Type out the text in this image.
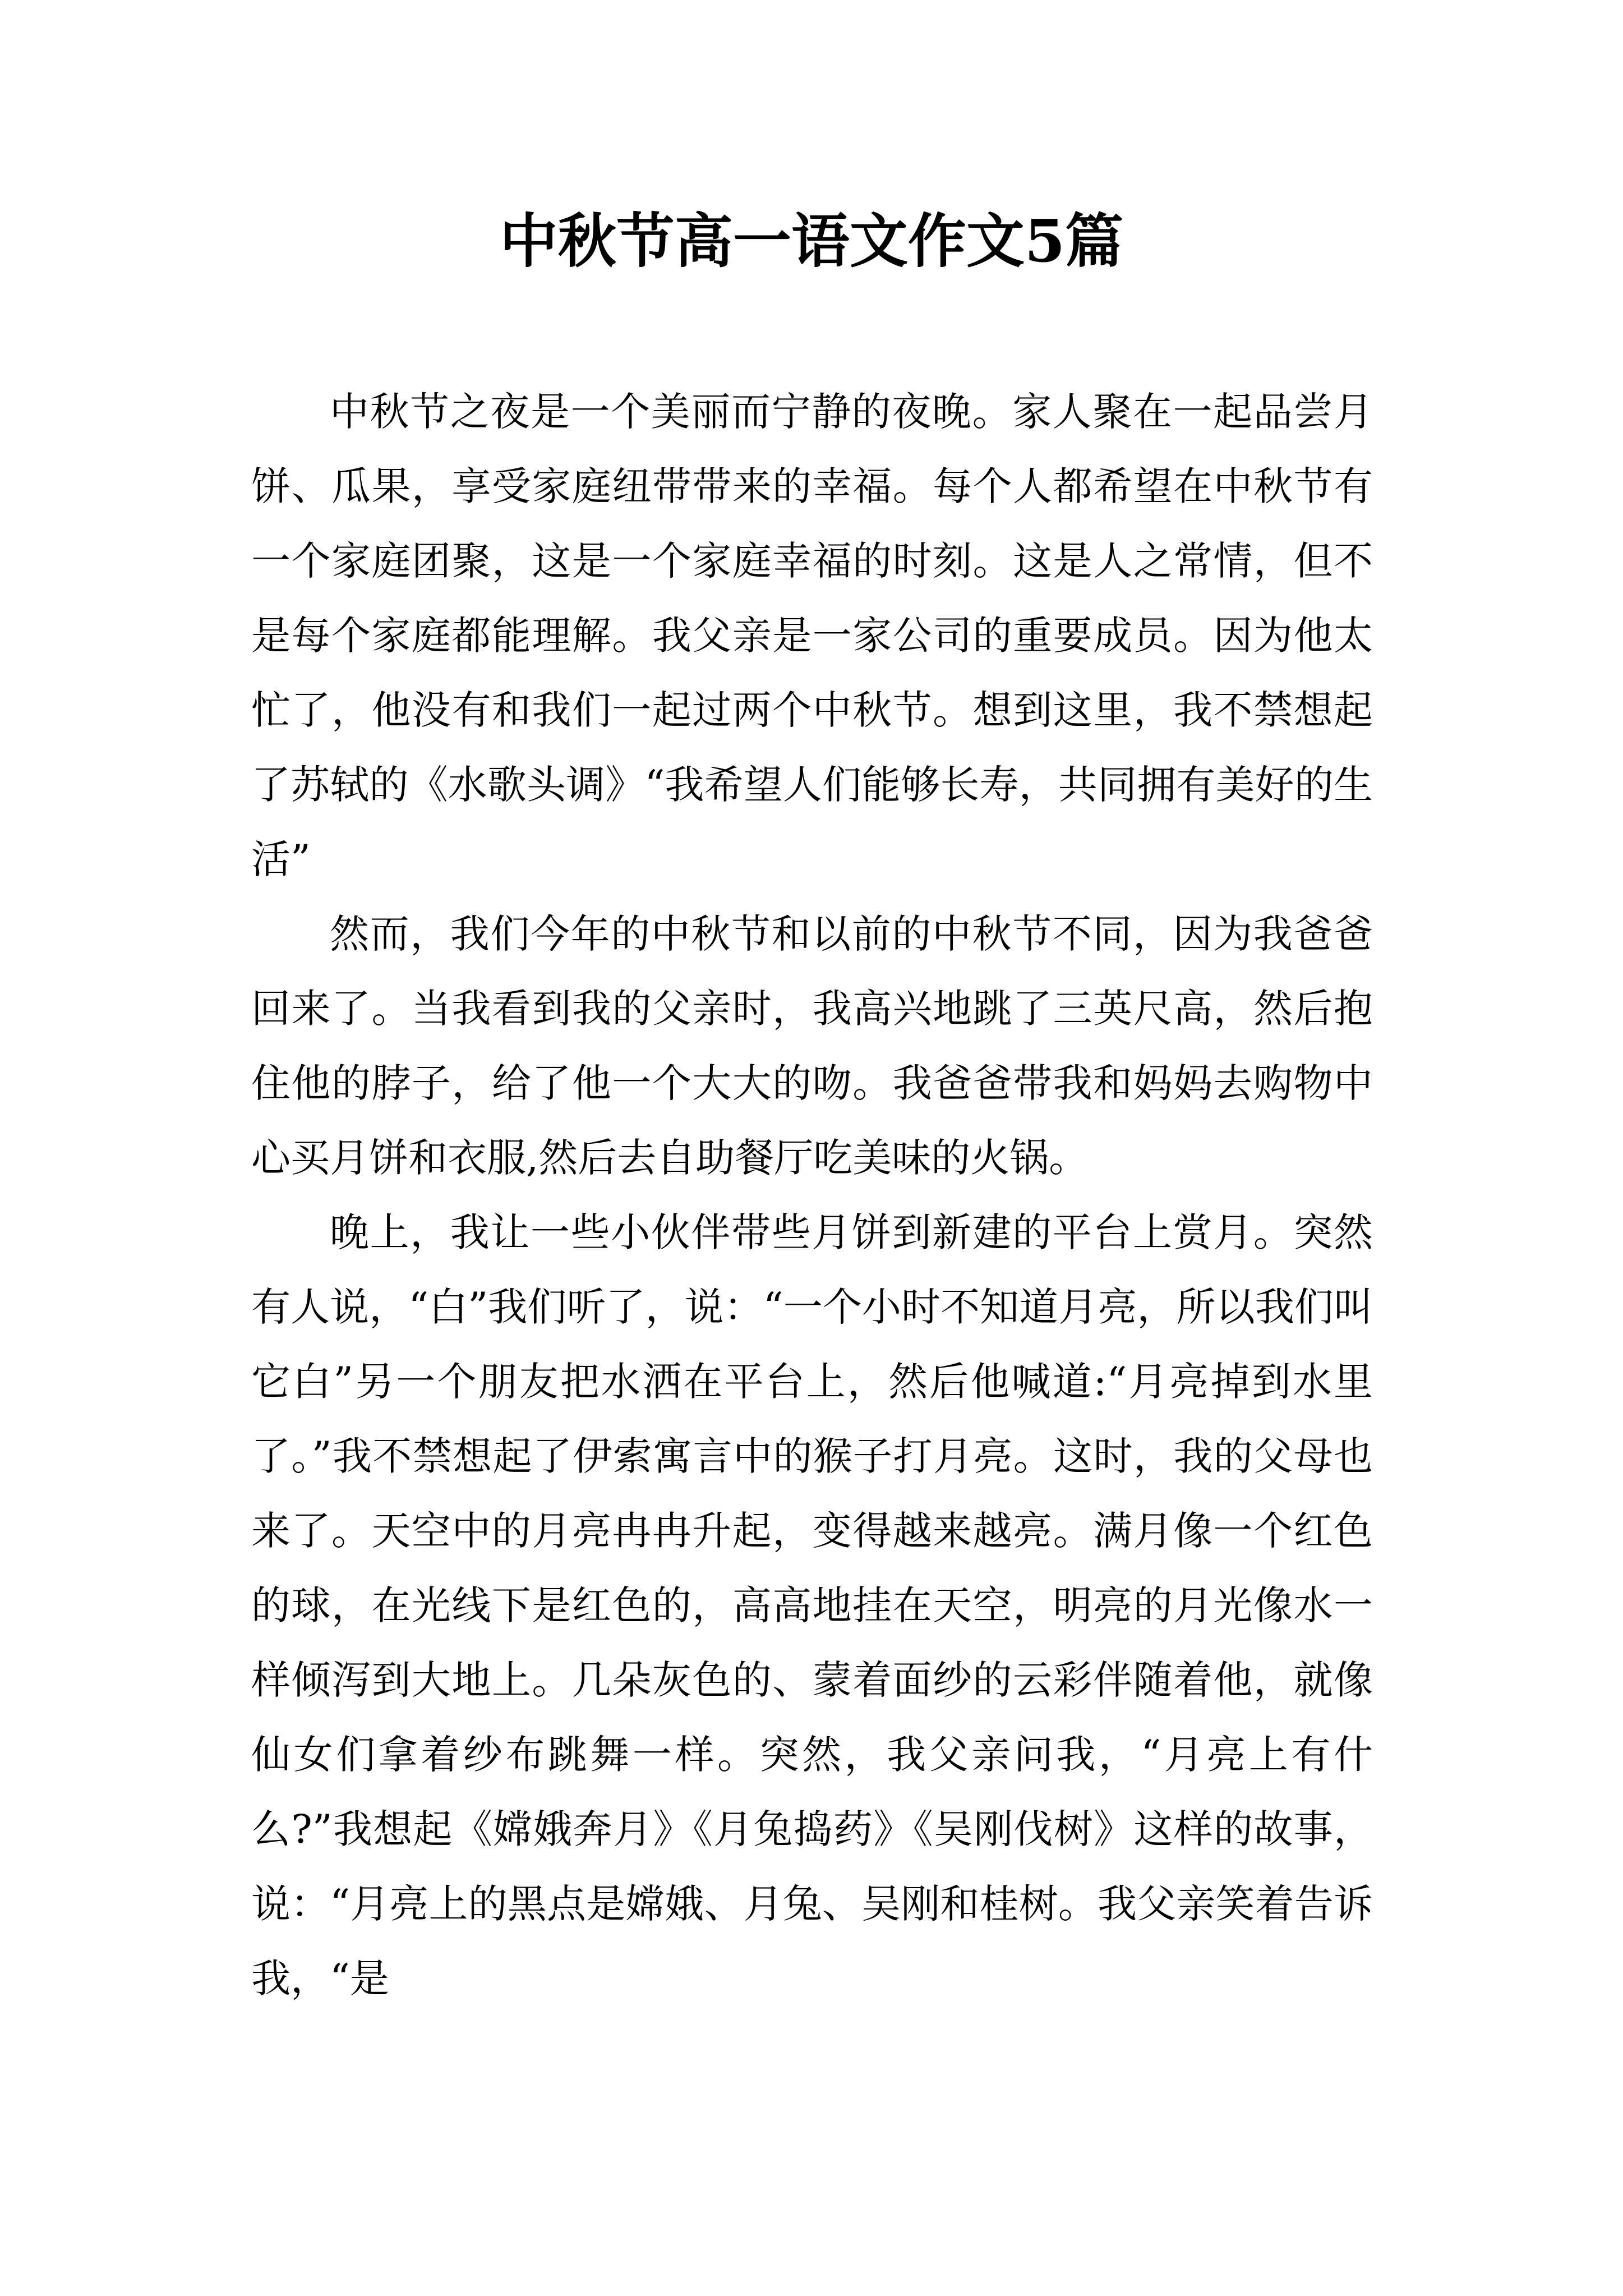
中秋节高一语文作文5篇

中秋节之夜是一个美丽而宁静的夜晚。家人聚在一起品尝月饼、瓜果，享受家庭纽带带来的幸福。每个人都希望在中秋节有一个家庭团聚，这是一个家庭幸福的时刻。这是人之常情，但不是每个家庭都能理解。我父亲是一家公司的重要成员。因为他太忙了，他没有和我们一起过两个中秋节。想到这里，我不禁想起了苏轼的《水歌头调》“我希望人们能够长寿，共同拥有美好的生活”

然而，我们今年的中秋节和以前的中秋节不同，因为我爸爸回来了。当我看到我的父亲时，我高兴地跳了三英尺高，然后抱住他的脖子，给了他一个大大的吻。我爸爸带我和妈妈去购物中心买月饼和衣服,然后去自助餐厅吃美味的火锅。

晚上，我让一些小伙伴带些月饼到新建的平台上赏月。突然有人说，“白”我们听了，说：“一个小时不知道月亮，所以我们叫它白”另一个朋友把水洒在平台上，然后他喊道:“月亮掉到水里了。”我不禁想起了伊索寓言中的猴子打月亮。这时，我的父母也来了。天空中的月亮冉冉升起，变得越来越亮。满月像一个红色的球，在光线下是红色的，高高地挂在天空，明亮的月光像水一样倾泻到大地上。几朵灰色的、蒙着面纱的云彩伴随着他，就像仙女们拿着纱布跳舞一样。突然，我父亲问我，“月亮上有什么?”我想起《嫦娥奔月》《月兔捣药》《吴刚伐树》这样的故事，说：“月亮上的黑点是嫦娥、月兔、吴刚和桂树。我父亲笑着告诉我，“是
